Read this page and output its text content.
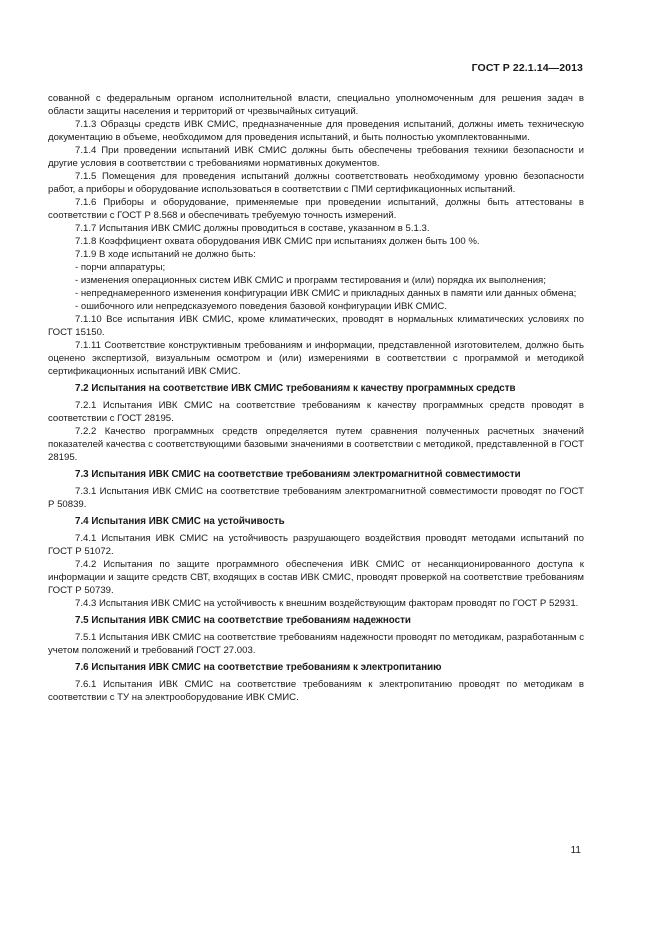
ГОСТ Р 22.1.14—2013

сованной с федеральным органом исполнительной власти, специально уполномоченным для решения задач в области защиты населения и территорий от чрезвычайных ситуаций.

7.1.3 Образцы средств ИВК СМИС, предназначенные для проведения испытаний, должны иметь техническую документацию в объеме, необходимом для проведения испытаний, и быть полностью укомплектованными.

7.1.4 При проведении испытаний ИВК СМИС должны быть обеспечены требования техники безопасности и другие условия в соответствии с требованиями нормативных документов.

7.1.5 Помещения для проведения испытаний должны соответствовать необходимому уровню безопасности работ, а приборы и оборудование использоваться в соответствии с ПМИ сертификационных испытаний.

7.1.6 Приборы и оборудование, применяемые при проведении испытаний, должны быть аттестованы в соответствии с ГОСТ Р 8.568 и обеспечивать требуемую точность измерений.

7.1.7 Испытания ИВК СМИС должны проводиться в составе, указанном в 5.1.3.

7.1.8 Коэффициент охвата оборудования ИВК СМИС при испытаниях должен быть 100 %.

7.1.9 В ходе испытаний не должно быть:

- порчи аппаратуры;

- изменения операционных систем ИВК СМИС и программ тестирования и (или) порядка их выполнения;

- непреднамеренного изменения конфигурации ИВК СМИС и прикладных данных в памяти или данных обмена;

- ошибочного или непредсказуемого поведения базовой конфигурации ИВК СМИС.

7.1.10 Все испытания ИВК СМИС, кроме климатических, проводят в нормальных климатических условиях по ГОСТ 15150.

7.1.11 Соответствие конструктивным требованиям и информации, представленной изготовителем, должно быть оценено экспертизой, визуальным осмотром и (или) измерениями в соответствии с программой и методикой сертификационных испытаний ИВК СМИС.

7.2 Испытания на соответствие ИВК СМИС требованиям к качеству программных средств

7.2.1 Испытания ИВК СМИС на соответствие требованиям к качеству программных средств проводят в соответствии с ГОСТ 28195.

7.2.2 Качество программных средств определяется путем сравнения полученных расчетных значений показателей качества с соответствующими базовыми значениями в соответствии с методикой, представленной в ГОСТ 28195.

7.3 Испытания ИВК СМИС на соответствие требованиям электромагнитной совместимости

7.3.1 Испытания ИВК СМИС на соответствие требованиям электромагнитной совместимости проводят по ГОСТ Р 50839.

7.4 Испытания ИВК СМИС на устойчивость

7.4.1 Испытания ИВК СМИС на устойчивость разрушающего воздействия проводят методами испытаний по ГОСТ Р 51072.

7.4.2 Испытания по защите программного обеспечения ИВК СМИС от несанкционированного доступа к информации и защите средств СВТ, входящих в состав ИВК СМИС, проводят проверкой на соответствие требованиям ГОСТ Р 50739.

7.4.3 Испытания ИВК СМИС на устойчивость к внешним воздействующим факторам проводят по ГОСТ Р 52931.

7.5 Испытания ИВК СМИС на соответствие требованиям надежности

7.5.1 Испытания ИВК СМИС на соответствие требованиям надежности проводят по методикам, разработанным с учетом положений и требований ГОСТ 27.003.

7.6 Испытания ИВК СМИС на соответствие требованиям к электропитанию

7.6.1 Испытания ИВК СМИС на соответствие требованиям к электропитанию проводят по методикам в соответствии с ТУ на электрооборудование ИВК СМИС.

11
